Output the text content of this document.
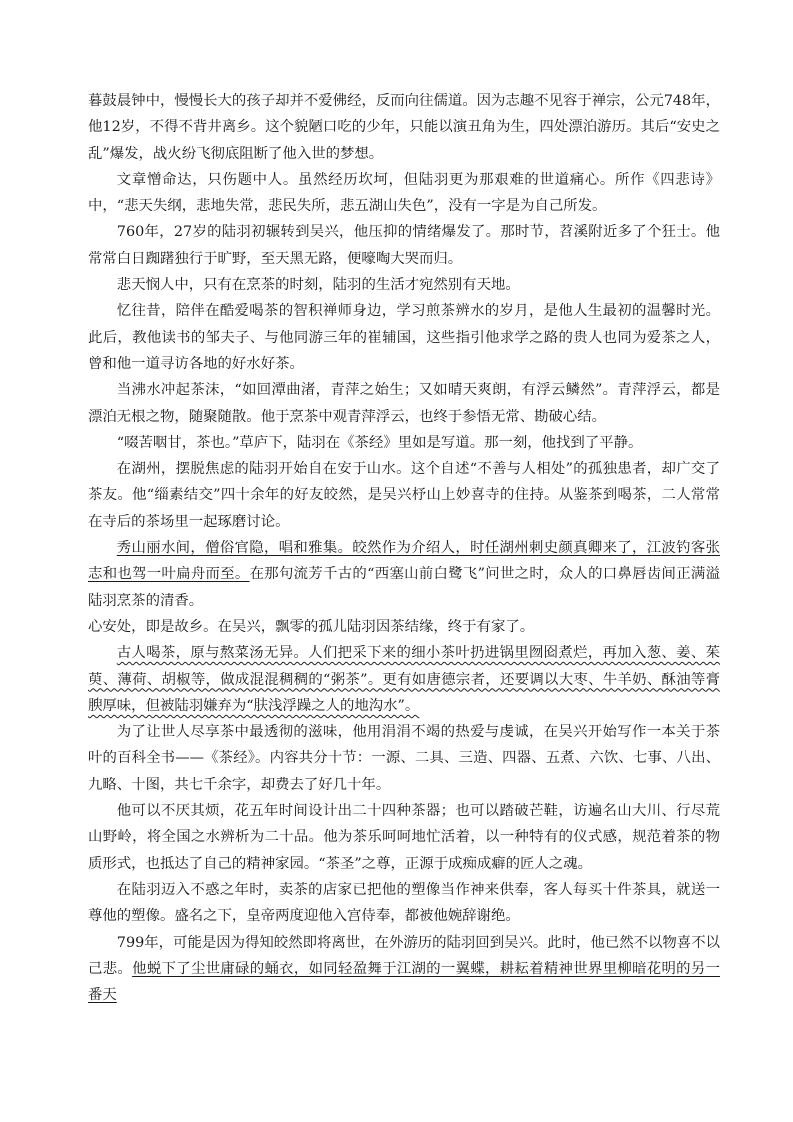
暮鼓晨钟中，慢慢长大的孩子却并不爱佛经，反而向往儒道。因为志趣不见容于禅宗，公元748年，他12岁，不得不背井离乡。这个貌陋口吃的少年，只能以演丑角为生，四处漂泊游历。其后“安史之乱”爆发，战火纷飞彻底阻断了他入世的梦想。

文章憎命达，只伤题中人。虽然经历坎坷，但陆羽更为那艰难的世道痛心。所作《四悲诗》中，“悲天失纲，悲地失常，悲民失所，悲五湖山失色”，没有一字是为自己所发。

760年，27岁的陆羽初辗转到吴兴，他压抑的情绪爆发了。那时节，苕溪附近多了个狂士。他常常白日踟躇独行于旷野，至天黑无路，便嚎啕大哭而归。

悲天悯人中，只有在烹茶的时刻，陆羽的生活才宛然别有天地。

忆往昔，陪伴在酷爱喝茶的智积禅师身边，学习煎茶辨水的岁月，是他人生最初的温馨时光。此后，教他读书的邹夫子、与他同游三年的崔辅国，这些指引他求学之路的贵人也同为爱茶之人，曾和他一道寻访各地的好水好茶。

当沸水冲起茶沫，“如回潭曲渚，青萍之始生；又如晴天爽朗，有浮云鳞然”。青萍浮云，都是漂泊无根之物，随聚随散。他于烹茶中观青萍浮云，也终于参悟无常、勘破心结。

“啜苦咽甘，茶也。”草庐下，陆羽在《茶经》里如是写道。那一刻，他找到了平静。

在湖州，摆脱焦虑的陆羽开始自在安于山水。这个自述“不善与人相处”的孤独患者，却广交了茶友。他“缁素结交”四十余年的好友皎然，是吴兴杼山上妙喜寺的住持。从鉴茶到喝茶，二人常常在寺后的茶场里一起琢磨讨论。

秀山丽水间，僧俗官隐，唱和雅集。皎然作为介绍人，时任湖州刺史颜真卿来了，江波钓客张志和也驾一叶扁舟而至。在那句流芳千古的“西塞山前白鹭飞”问世之时，众人的口鼻唇齿间正满溢陆羽烹茶的清香。

心安处，即是故乡。在吴兴，飘零的孤儿陆羽因茶结缘，终于有家了。

古人喝茶，原与熬菜汤无异。人们把采下来的细小茶叶扔进锅里囫囵煮烂，再加入葱、姜、茱萸、薄荷、胡椒等，做成混混稠稠的“粥茶”。更有如唐德宗者，还要调以大枣、牛羊奶、酥油等膏腴厚味，但被陆羽嫌弃为“肤浅浮躁之人的地沟水”。

为了让世人尽享茶中最透彻的滋味，他用涓涓不竭的热爱与虔诚，在吴兴开始写作一本关于茶叶的百科全书——《茶经》。内容共分十节：一源、二具、三造、四器、五煮、六饮、七事、八出、九略、十图，共七千余字，却费去了好几十年。

他可以不厌其烦，花五年时间设计出二十四种茶器；也可以踏破芒鞋，访遍名山大川、行尽荒山野岭，将全国之水辨析为二十品。他为茶乐呵呵地忙活着，以一种特有的仪式感，规范着茶的物质形式，也抵达了自己的精神家园。“茶圣”之尊，正源于成痴成癖的匠人之魂。

在陆羽迈入不惑之年时，卖茶的店家已把他的塑像当作神来供奉，客人每买十件茶具，就送一尊他的塑像。盛名之下，皇帝两度迎他入宫侍奉，都被他婉辞谢绝。

799年，可能是因为得知皎然即将离世，在外游历的陆羽回到吴兴。此时，他已然不以物喜不以己悲。他蜕下了尘世庸碌的蛹衣，如同轻盈舞于江湖的一翼蝶，耕耘着精神世界里柳暗花明的另一番天
